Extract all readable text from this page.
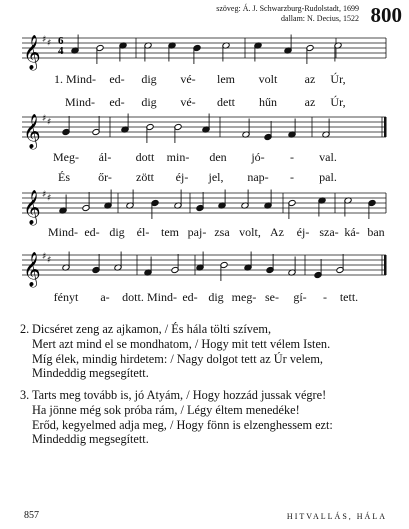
szöveg: Á. J. Schwarzburg-Rudolstadt, 1699
dallam: N. Decius, 1522 800
𝄞 ♯ ♯
𝄞 ♯ ♯
𝄞 ♯ ♯
𝄞 ♯ ♯
6
4
1. Mind- ed- dig vé- lem volt az Úr,
Mind- ed- dig vé- dett hűn az Úr,
Meg- ál- dott min- den jó- - val.
És őr- zött éj- jel, nap- - pal.
Mind- ed- dig él- tem paj- zsa volt, Az éj- sza- ká- ban
fényt a- dott. Mind- ed- dig meg- se- gí- - tett.
2. Dicséret zeng az ajkamon, / És hála tölti szívem,
Mert azt mind el se mondhatom, / Hogy mit tett vélem Isten.
Míg élek, mindig hirdetem: / Nagy dolgot tett az Úr velem,
Mindeddig megsegített.
3. Tarts meg tovább is, jó Atyám, / Hogy hozzád jussak végre!
Ha jönne még sok próba rám, / Légy éltem menedéke!
Erőd, kegyelmed adja meg, / Hogy fönn is elzenghessem ezt:
Mindeddig megsegített.
857	HITVALLÁS, HÁLA
